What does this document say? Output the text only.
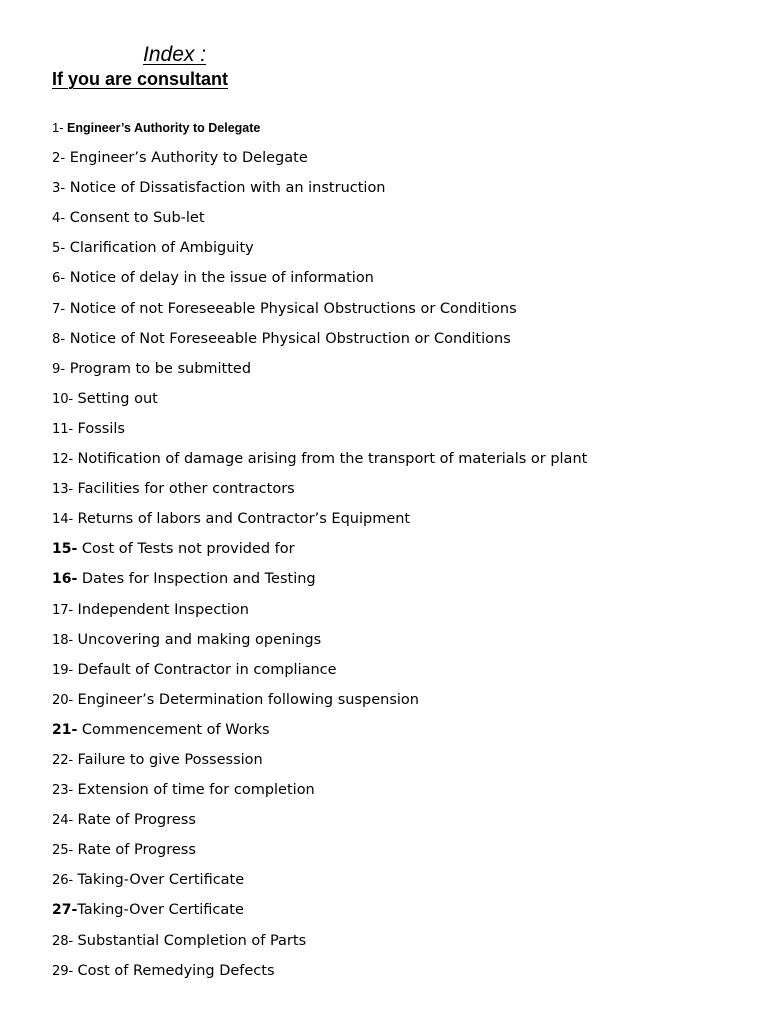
Index :
If you are consultant
1- Engineer’s Authority to Delegate
2- Engineer’s Authority to Delegate
3- Notice of Dissatisfaction with an instruction
4- Consent to Sub-let
5- Clarification of Ambiguity
6- Notice of delay in the issue of information
7- Notice of not Foreseeable Physical Obstructions or Conditions
8- Notice of Not Foreseeable Physical Obstruction or Conditions
9- Program to be submitted
10- Setting out
11- Fossils
12- Notification of damage arising from the transport of materials or plant
13- Facilities for other contractors
14- Returns of labors and Contractor’s Equipment
15- Cost of Tests not provided for
16- Dates for Inspection and Testing
17- Independent Inspection
18- Uncovering and making openings
19- Default of Contractor in compliance
20- Engineer’s Determination following suspension
21- Commencement of Works
22- Failure to give Possession
23- Extension of time for completion
24- Rate of Progress
25- Rate of Progress
26- Taking-Over Certificate
27-Taking-Over Certificate
28- Substantial Completion of Parts
29- Cost of Remedying Defects
